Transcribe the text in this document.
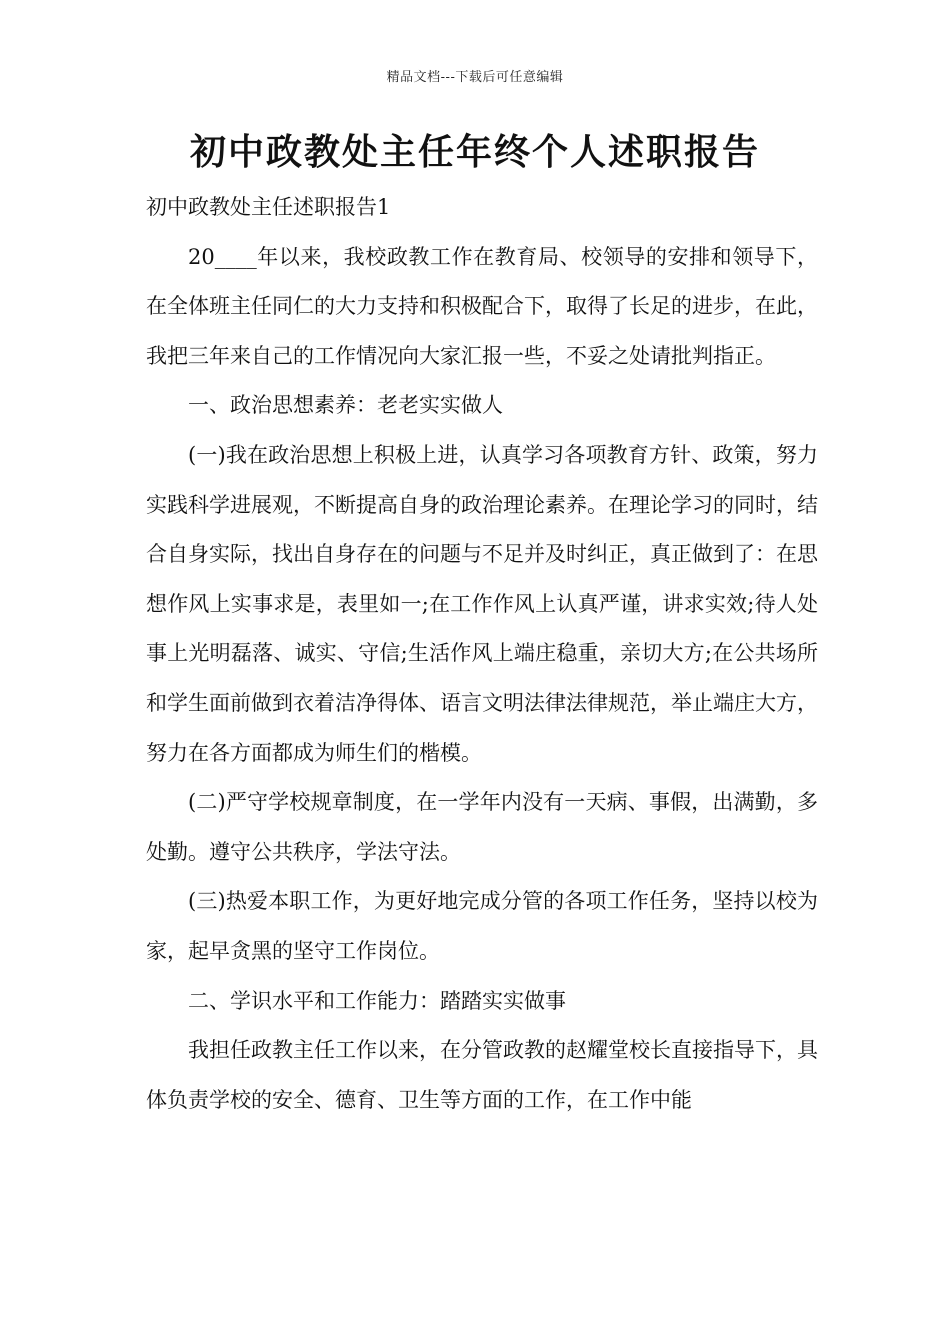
精品文档---下载后可任意编辑
初中政教处主任年终个人述职报告

初中政教处主任述职报告1

20____年以来，我校政教工作在教育局、校领导的安排和领导下，在全体班主任同仁的大力支持和积极配合下，取得了长足的进步，在此，我把三年来自己的工作情况向大家汇报一些，不妥之处请批判指正。

一、政治思想素养：老老实实做人

(一)我在政治思想上积极上进，认真学习各项教育方针、政策，努力实践科学进展观，不断提高自身的政治理论素养。在理论学习的同时，结合自身实际，找出自身存在的问题与不足并及时纠正，真正做到了：在思想作风上实事求是，表里如一;在工作作风上认真严谨，讲求实效;待人处事上光明磊落、诚实、守信;生活作风上端庄稳重，亲切大方;在公共场所和学生面前做到衣着洁净得体、语言文明法律法律规范，举止端庄大方，努力在各方面都成为师生们的楷模。

(二)严守学校规章制度，在一学年内没有一天病、事假，出满勤，多处勤。遵守公共秩序，学法守法。

(三)热爱本职工作，为更好地完成分管的各项工作任务，坚持以校为家，起早贪黑的坚守工作岗位。

二、学识水平和工作能力：踏踏实实做事

我担任政教主任工作以来，在分管政教的赵耀堂校长直接指导下，具体负责学校的安全、德育、卫生等方面的工作，在工作中能
